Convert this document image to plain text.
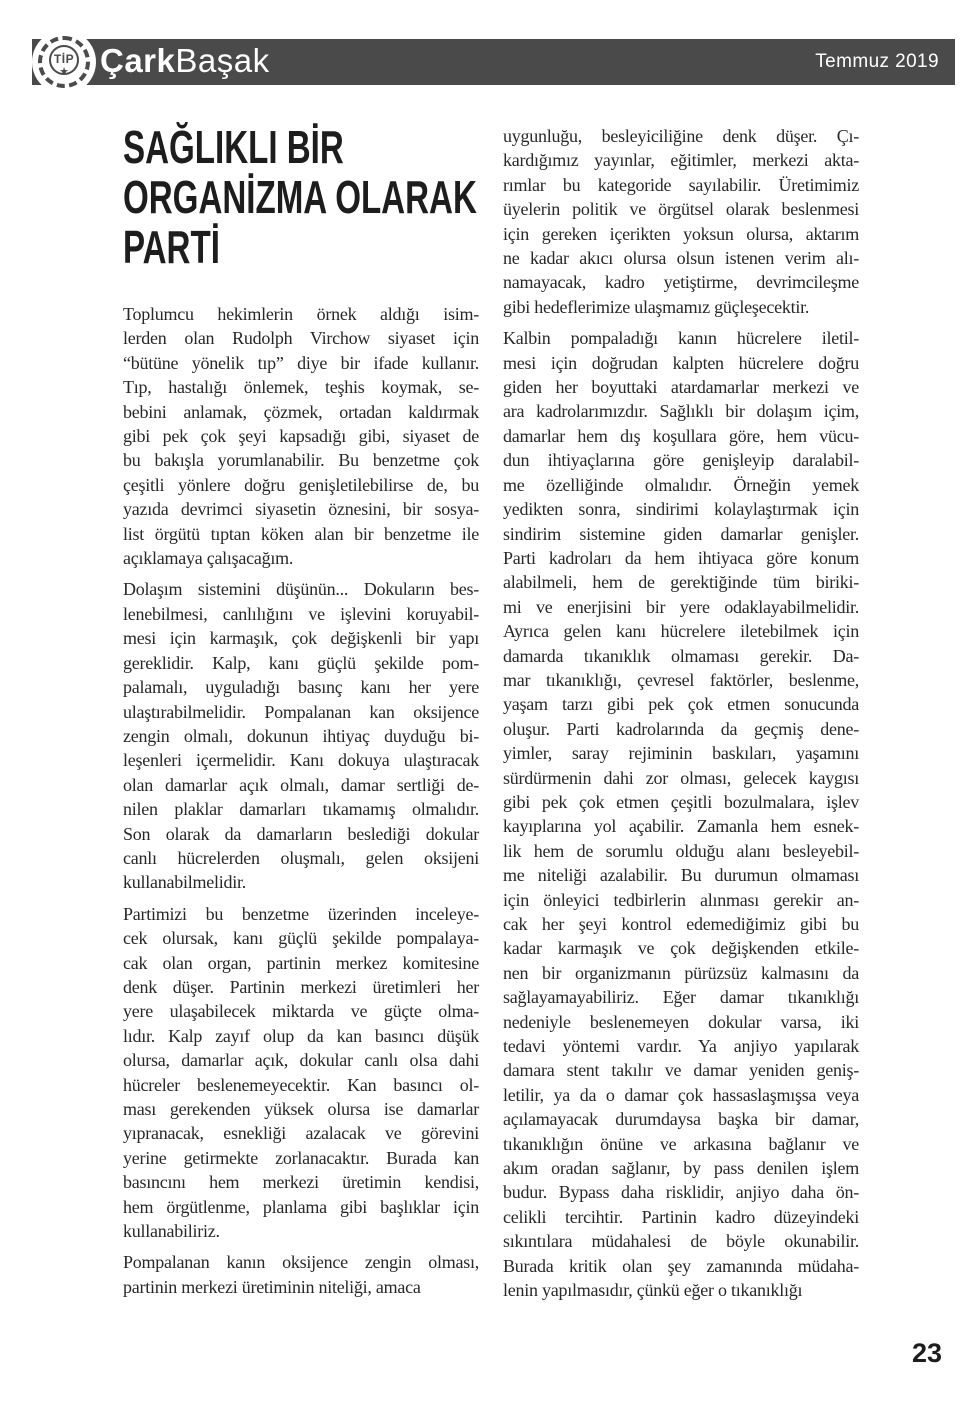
TİP
★ ÇarkBaşak	Temmuz 2019
SAĞLIKLI BİR
ORGANİZMA OLARAK
PARTİ
Toplumcu hekimlerin örnek aldığı isim-
lerden olan Rudolph Virchow siyaset için
“bütüne yönelik tıp” diye bir ifade kullanır.
Tıp, hastalığı önlemek, teşhis koymak, se-
bebini anlamak, çözmek, ortadan kaldırmak
gibi pek çok şeyi kapsadığı gibi, siyaset de
bu bakışla yorumlanabilir. Bu benzetme çok
çeşitli yönlere doğru genişletilebilirse de, bu
yazıda devrimci siyasetin öznesini, bir sosya-
list örgütü tıptan köken alan bir benzetme ile
açıklamaya çalışacağım.
Dolaşım sistemini düşünün... Dokuların bes-
lenebilmesi, canlılığını ve işlevini koruyabil-
mesi için karmaşık, çok değişkenli bir yapı
gereklidir. Kalp, kanı güçlü şekilde pom-
palamalı, uyguladığı basınç kanı her yere
ulaştırabilmelidir. Pompalanan kan oksijence
zengin olmalı, dokunun ihtiyaç duyduğu bi-
leşenleri içermelidir. Kanı dokuya ulaştıracak
olan damarlar açık olmalı, damar sertliği de-
nilen plaklar damarları tıkamamış olmalıdır.
Son olarak da damarların beslediği dokular
canlı hücrelerden oluşmalı, gelen oksijeni
kullanabilmelidir.
Partimizi bu benzetme üzerinden inceleye-
cek olursak, kanı güçlü şekilde pompalaya-
cak olan organ, partinin merkez komitesine
denk düşer. Partinin merkezi üretimleri her
yere ulaşabilecek miktarda ve güçte olma-
lıdır. Kalp zayıf olup da kan basıncı düşük
olursa, damarlar açık, dokular canlı olsa dahi
hücreler beslenemeyecektir. Kan basıncı ol-
ması gerekenden yüksek olursa ise damarlar
yıpranacak, esnekliği azalacak ve görevini
yerine getirmekte zorlanacaktır. Burada kan
basıncını hem merkezi üretimin kendisi,
hem örgütlenme, planlama gibi başlıklar için
kullanabiliriz.
Pompalanan kanın oksijence zengin olması,
partinin merkezi üretiminin niteliği, amaca
uygunluğu, besleyiciliğine denk düşer. Çı-
kardığımız yayınlar, eğitimler, merkezi akta-
rımlar bu kategoride sayılabilir. Üretimimiz
üyelerin politik ve örgütsel olarak beslenmesi
için gereken içerikten yoksun olursa, aktarım
ne kadar akıcı olursa olsun istenen verim alı-
namayacak, kadro yetiştirme, devrimcileşme
gibi hedeflerimize ulaşmamız güçleşecektir.
Kalbin pompaladığı kanın hücrelere iletil-
mesi için doğrudan kalpten hücrelere doğru
giden her boyuttaki atardamarlar merkezi ve
ara kadrolarımızdır. Sağlıklı bir dolaşım içim,
damarlar hem dış koşullara göre, hem vücu-
dun ihtiyaçlarına göre genişleyip daralabil-
me özelliğinde olmalıdır. Örneğin yemek
yedikten sonra, sindirimi kolaylaştırmak için
sindirim sistemine giden damarlar genişler.
Parti kadroları da hem ihtiyaca göre konum
alabilmeli, hem de gerektiğinde tüm biriki-
mi ve enerjisini bir yere odaklayabilmelidir.
Ayrıca gelen kanı hücrelere iletebilmek için
damarda tıkanıklık olmaması gerekir. Da-
mar tıkanıklığı, çevresel faktörler, beslenme,
yaşam tarzı gibi pek çok etmen sonucunda
oluşur. Parti kadrolarında da geçmiş dene-
yimler, saray rejiminin baskıları, yaşamını
sürdürmenin dahi zor olması, gelecek kaygısı
gibi pek çok etmen çeşitli bozulmalara, işlev
kayıplarına yol açabilir. Zamanla hem esnek-
lik hem de sorumlu olduğu alanı besleyebil-
me niteliği azalabilir. Bu durumun olmaması
için önleyici tedbirlerin alınması gerekir an-
cak her şeyi kontrol edemediğimiz gibi bu
kadar karmaşık ve çok değişkenden etkile-
nen bir organizmanın pürüzsüz kalmasını da
sağlayamayabiliriz. Eğer damar tıkanıklığı
nedeniyle beslenemeyen dokular varsa, iki
tedavi yöntemi vardır. Ya anjiyo yapılarak
damara stent takılır ve damar yeniden geniş-
letilir, ya da o damar çok hassaslaşmışsa veya
açılamayacak durumdaysa başka bir damar,
tıkanıklığın önüne ve arkasına bağlanır ve
akım oradan sağlanır, by pass denilen işlem
budur. Bypass daha risklidir, anjiyo daha ön-
celikli tercihtir. Partinin kadro düzeyindeki
sıkıntılara müdahalesi de böyle okunabilir.
Burada kritik olan şey zamanında müdaha-
lenin yapılmasıdır, çünkü eğer o tıkanıklığı
23
